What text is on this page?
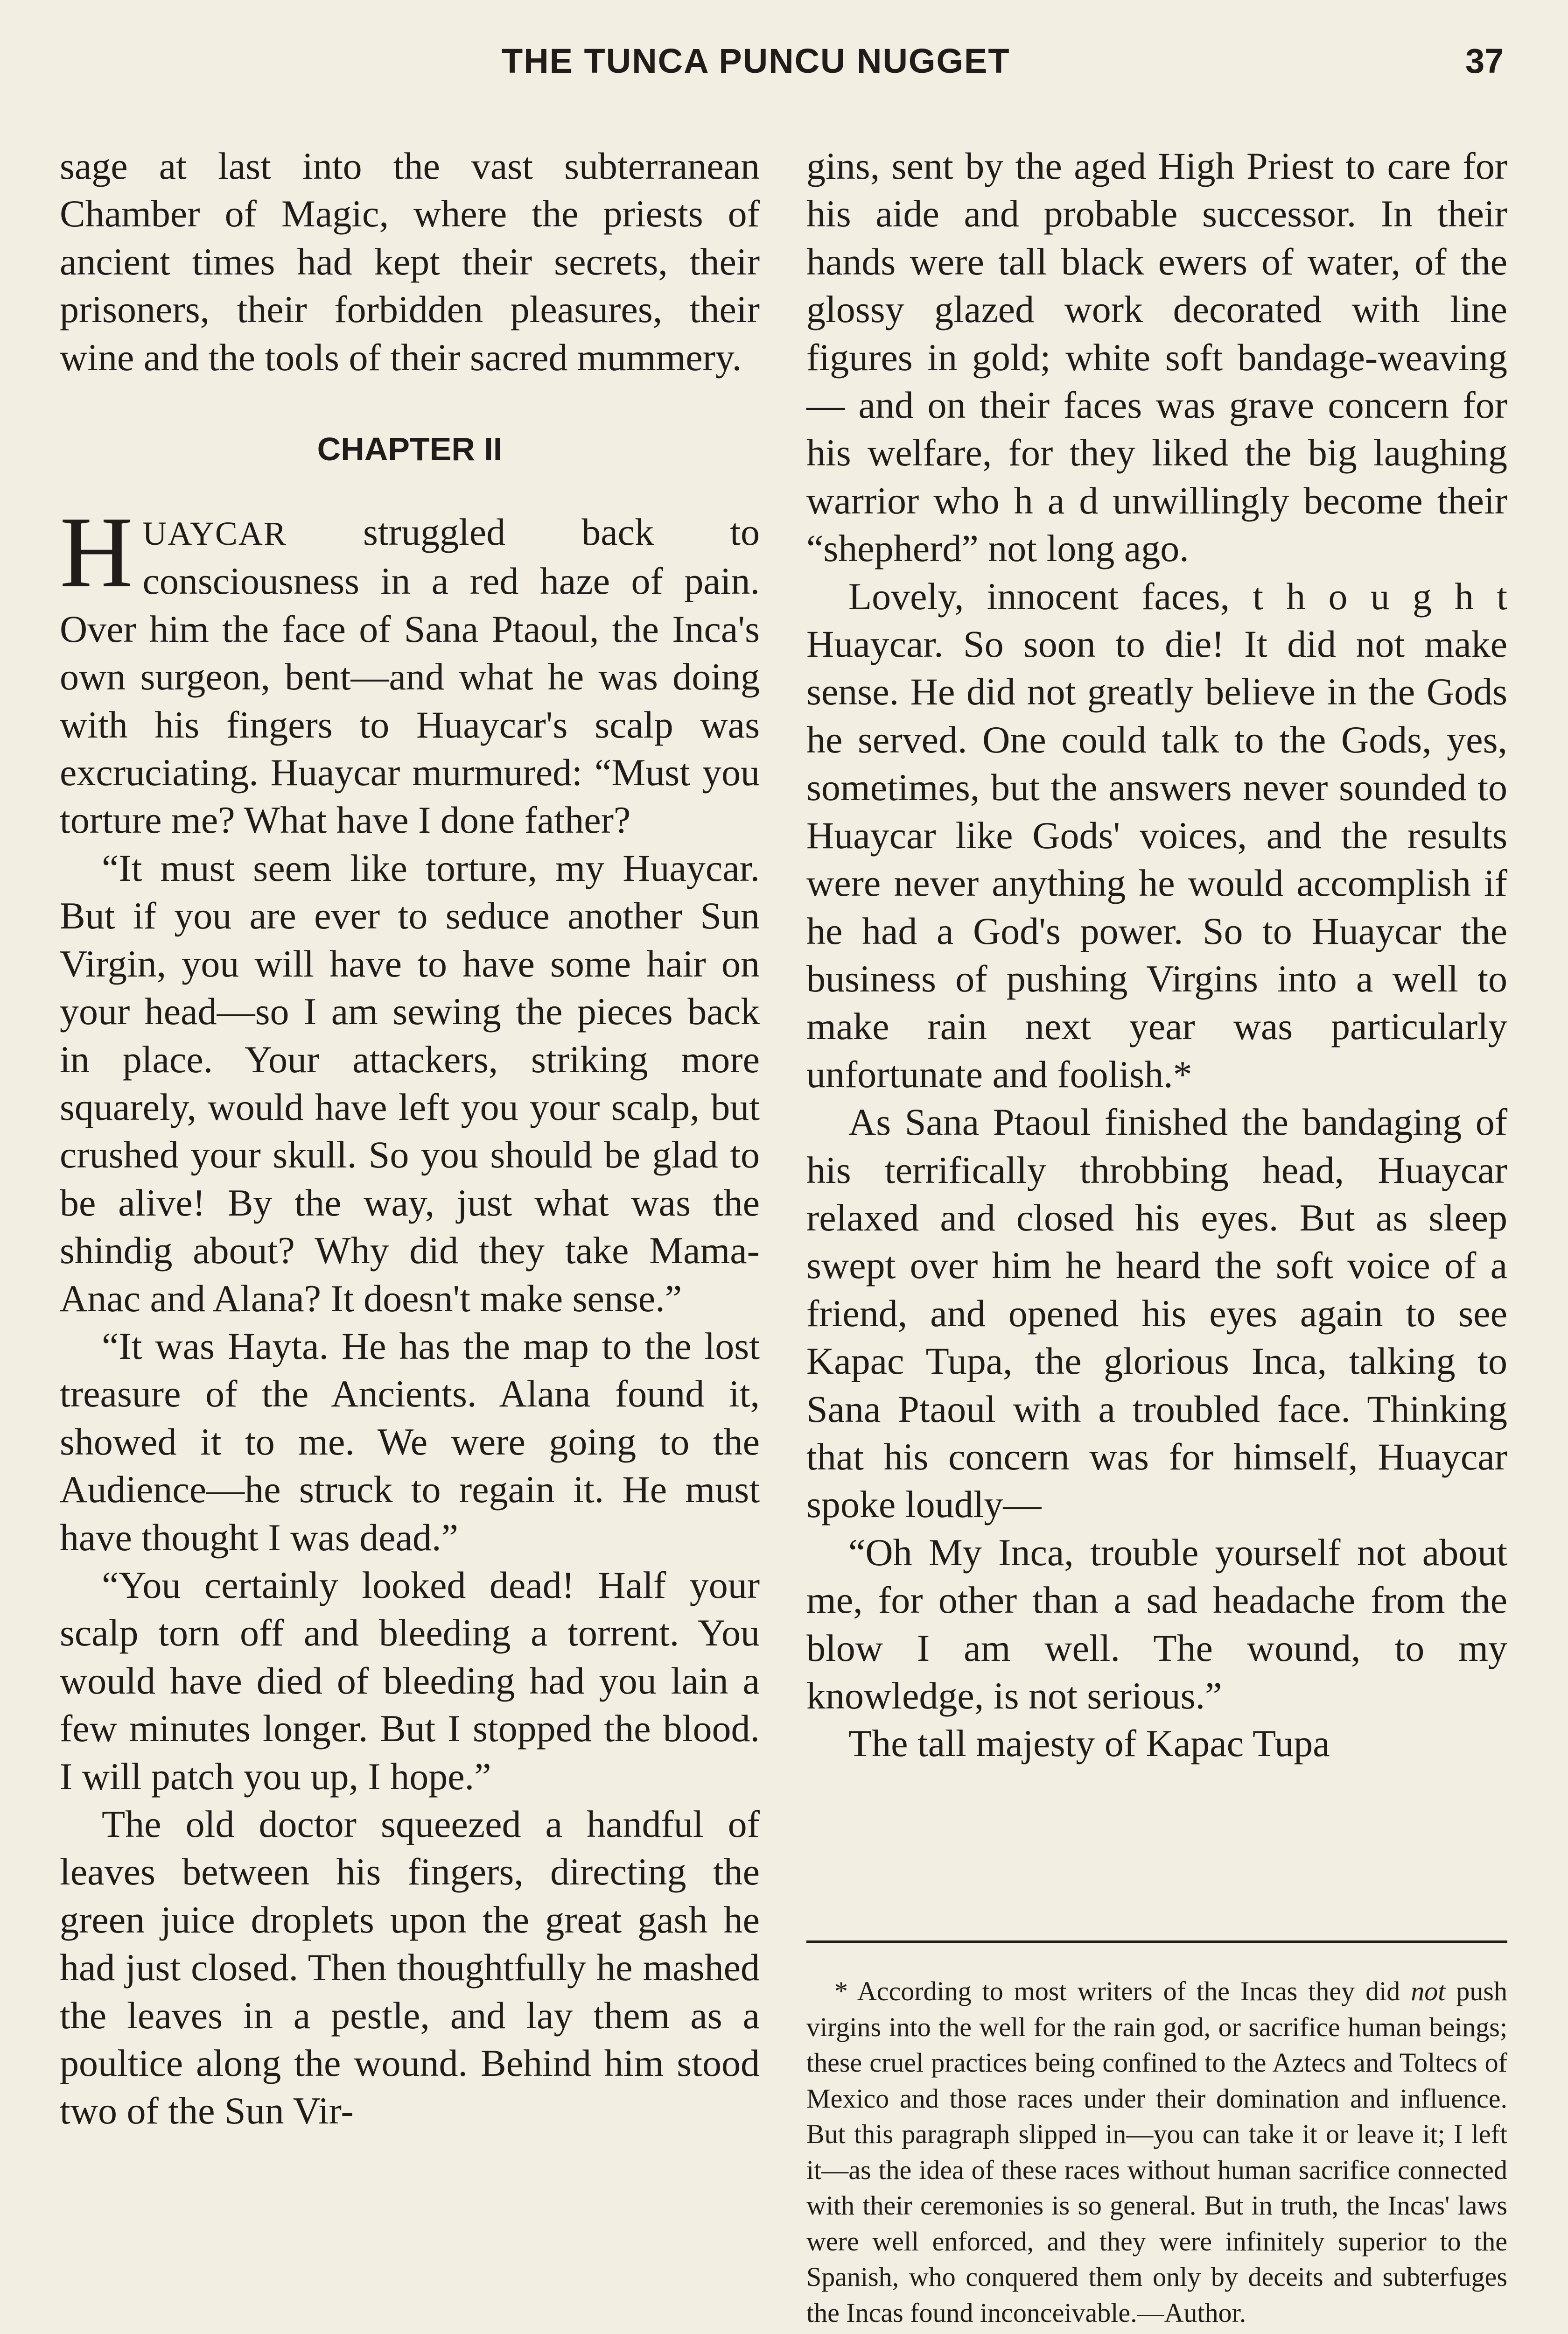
THE TUNCA PUNCU NUGGET	37

sage at last into the vast subterranean Chamber of Magic, where the priests of ancient times had kept their secrets, their prisoners, their forbidden pleasures, their wine and the tools of their sacred mummery.

CHAPTER II

HUAYCAR struggled back to consciousness in a red haze of pain. Over him the face of Sana Ptaoul, the Inca's own surgeon, bent—and what he was doing with his fingers to Huaycar's scalp was excruciating. Huaycar murmured: “Must you torture me? What have I done father?

“It must seem like torture, my Huaycar. But if you are ever to seduce another Sun Virgin, you will have to have some hair on your head—so I am sewing the pieces back in place. Your attackers, striking more squarely, would have left you your scalp, but crushed your skull. So you should be glad to be alive! By the way, just what was the shindig about? Why did they take Mama-Anac and Alana? It doesn't make sense.”

“It was Hayta. He has the map to the lost treasure of the Ancients. Alana found it, showed it to me. We were going to the Audience—he struck to regain it. He must have thought I was dead.”

“You certainly looked dead! Half your scalp torn off and bleeding a torrent. You would have died of bleeding had you lain a few minutes longer. But I stopped the blood. I will patch you up, I hope.”

The old doctor squeezed a handful of leaves between his fingers, directing the green juice droplets upon the great gash he had just closed. Then thoughtfully he mashed the leaves in a pestle, and lay them as a poultice along the wound. Behind him stood two of the Sun Vir-

gins, sent by the aged High Priest to care for his aide and probable successor. In their hands were tall black ewers of water, of the glossy glazed work decorated with line figures in gold; white soft bandage-weaving — and on their faces was grave concern for his welfare, for they liked the big laughing warrior who h a d unwillingly become their “shepherd” not long ago.

Lovely, innocent faces, t h o u g h t Huaycar. So soon to die! It did not make sense. He did not greatly believe in the Gods he served. One could talk to the Gods, yes, sometimes, but the answers never sounded to Huaycar like Gods' voices, and the results were never anything he would accomplish if he had a God's power. So to Huaycar the business of pushing Virgins into a well to make rain next year was particularly unfortunate and foolish.*

As Sana Ptaoul finished the bandaging of his terrifically throbbing head, Huaycar relaxed and closed his eyes. But as sleep swept over him he heard the soft voice of a friend, and opened his eyes again to see Kapac Tupa, the glorious Inca, talking to Sana Ptaoul with a troubled face. Thinking that his concern was for himself, Huaycar spoke loudly—

“Oh My Inca, trouble yourself not about me, for other than a sad headache from the blow I am well. The wound, to my knowledge, is not serious.”

The tall majesty of Kapac Tupa

* According to most writers of the Incas they did not push virgins into the well for the rain god, or sacrifice human beings; these cruel practices being confined to the Aztecs and Toltecs of Mexico and those races under their domination and influence. But this paragraph slipped in—you can take it or leave it; I left it—as the idea of these races without human sacrifice connected with their ceremonies is so general. But in truth, the Incas' laws were well enforced, and they were infinitely superior to the Spanish, who conquered them only by deceits and subterfuges the Incas found inconceivable.—Author.
